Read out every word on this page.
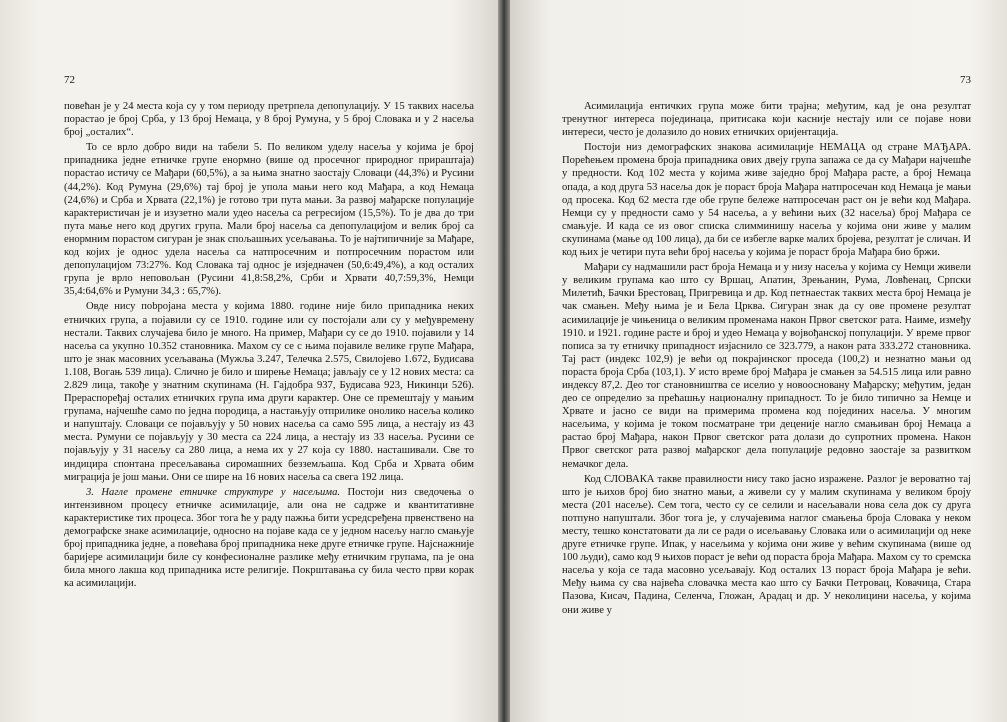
72

повећан је у 24 места која су у том периоду претрпела депопулацију. У 15 таквих насеља порастао је број Срба, у 13 број Немаца, у 8 број Румуна, у 5 број Словака и у 2 насеља број „осталих“.

То се врло добро види на табели 5. По великом уделу насеља у којима је број припадника једне етничке групе енормно (више од просечног природног прираштаја) порастао истичу се Мађари (60,5%), а за њима знатно заостају Словаци (44,3%) и Русини (44,2%). Код Румуна (29,6%) тај број је упола мањи него код Мађара, а код Немаца (24,6%) и Срба и Хрвата (22,1%) је готово три пута мањи. За развој мађарске популације карактеристичан је и изузетно мали удео насеља са регресијом (15,5%). То је два до три пута мање него код других група. Мали број насеља са депопулацијом и велик број са енормним порастом сигуран је знак спољашњих усељавања. То је најтипичније за Мађаре, код којих је однос удела насеља са натпросечним и потпросечним порастом или депопулацијом 73:27%. Код Словака тај однос је изједначен (50,6:49,4%), а код осталих група је врло неповољан (Русини 41,8:58,2%, Срби и Хрвати 40,7:59,3%, Немци 35,4:64,6% и Румуни 34,3 : 65,7%).

Овде нису пobројана места у којима 1880. године није било припадника неких етничких група, а појавили су се 1910. године или су постојали али су у међувремену нестали. Таквих случајева било је много. На пример, Мађари су се до 1910. појавили у 14 насеља са укупно 10.352 становника. Махом су се с њима појавиле велике групе Мађара, што је знак масовних усељавања (Мужља 3.247, Телечка 2.575, Свилојево 1.672, Будисава 1.108, Вогањ 539 лица). Слично је било и ширење Немаца; јављају се у 12 нових места: са 2.829 лица, такође у знатним скупинама (Н. Гајдобра 937, Будисава 923, Никинци 526). Прераспоређај осталих етничких група има други карактер. Оне се премештају у мањим групама, најчешће само по једна породица, а настањују отприлике онолико насеља колико и напуштају. Словаци се појављују у 50 нових насеља са само 595 лица, а нестају из 43 места. Румуни се појављују у 30 места са 224 лица, а нестају из 33 насеља. Русини се појављују у 31 насељу са 280 лица, а нема их у 27 кoja су 1880. насташивали. Све то индицира спонтана пресељавања сиромашних безземљаша. Код Срба и Хрвата обим миграција је још мањи. Они се шире на 16 нових насеља са свега 192 лица.

3. Нагле промене етничке структуре у насељима. Постоји низ сведочења о интензивном процесу етничке асимилације, али она не садрже и квантитативне карактеристике тих процеса. Због тога ће у раду пажња бити усредсређена првенствено на демографске знаке асимилације, односно на појаве када се у једном насељу нагло смањује број припадника једне, а повећава број припадника неке друге етничке групе. Најснажније баријере асимилацији биле су конфесионалне разлике међу етничким групама, па је она била много лакша код припадника исте религије. Покрштавања су била често први корак ка асимилацији.

73

Асимилација ентичких група може бити трајна; међутим, кад је она резултат тренутног интереса појединаца, притисака који касније нестају или се појаве нови интереси, често је долазило до нових етничких оријентација.

Постоји низ демографских знакова асимилације НЕМАЦА од стране МАЂАРА. Порећењем промена броја припадника ових двеју група запажа се да су Мађари најчешће у предности. Код 102 места у којима живе заједно број Мађара расте, а број Немаца опада, а код друга 53 насеља док је пораст броја Мађара натпросечан код Немаца је мањи од просека. Код 62 места где обе групе бележе натпросечан раст он је већи код Мађара. Немци су у предности само у 54 насеља, а у већини њих (32 насеља) број Мађара се смањује. И када се из овог списка слимминишу насеља у којима они живе у малим скупинама (мање од 100 лица), да би се избегле варке малих бројева, резултат је сличан. И код њих је четири пута већи број насеља у којима је пораст броја Мађара био бржи.

Мађари су надмашили раст броја Немаца и у низу насеља у којима су Немци живели у великим групама као што су Вршац, Апатин, Зрењанин, Рума, Ловћенац, Српски Милетић, Бачки Брестовац, Пригревица и др. Код петнаестак таквих места број Немаца је чак смањен. Међу њима је и Бела Црква. Сигуран знак да су ове промене резултат асимилације је чињеница о великим променама након Првог светског рата. Наиме, између 1910. и 1921. године расте и број и удео Немаца у војвођанској популацији. У време првог пописа за ту етничку припадност изјаснило се 323.779, а након рата 333.272 становника. Тај раст (индекс 102,9) је већи од покрајинског проседа (100,2) и незнатно мањи од пораста броја Срба (103,1). У исто време број Мађара је смањен за 54.515 лица или равно индексу 87,2. Део тог становништва се иселио у новооснованy Мађарску; међутим, један део се определио за прећашњу националну припадност. То је било типично за Немце и Хрвате и јасно се види на примерима промена код појединих насеља. У многим насељима, у којима је током посматране три деценије нагло смањиван број Немаца а растао број Мађара, након Првог светског рата долази до супротних промена. Након Првог светског рата развој мађарског дела популације редовно заостаје за развитком немачког дела.

Код СЛОВАКА такве правилности нису тако јасно изражене. Разлог је вероватно тај што је њихов број био знатно мањи, а живели су у малим скупинама у великом броју места (201 насеље). Сем тога, често су се селили и насељавали нова села док су друга потпуно напуштали. Због тога је, у случајевима наглог смањења броја Словака у неком месту, тешко констатовати да ли се ради о исељавању Словака или о асимилацији од неке друге етничке групе. Ипак, у насељима у којима они живе у већим скупинама (више од 100 људи), само код 9 њихов пораст је већи од пораста броја Мађара. Махом су то сремска насеља у која се тада масовно усељавају. Код осталих 13 пораст броја Мађара је већи. Међу њима су сва највећа словачка места као што су Бачки Петровац, Ковачица, Стара Пазова, Кисач, Падина, Селенча, Гложан, Арадац и др. У неколицини насеља, у којима они живе у
